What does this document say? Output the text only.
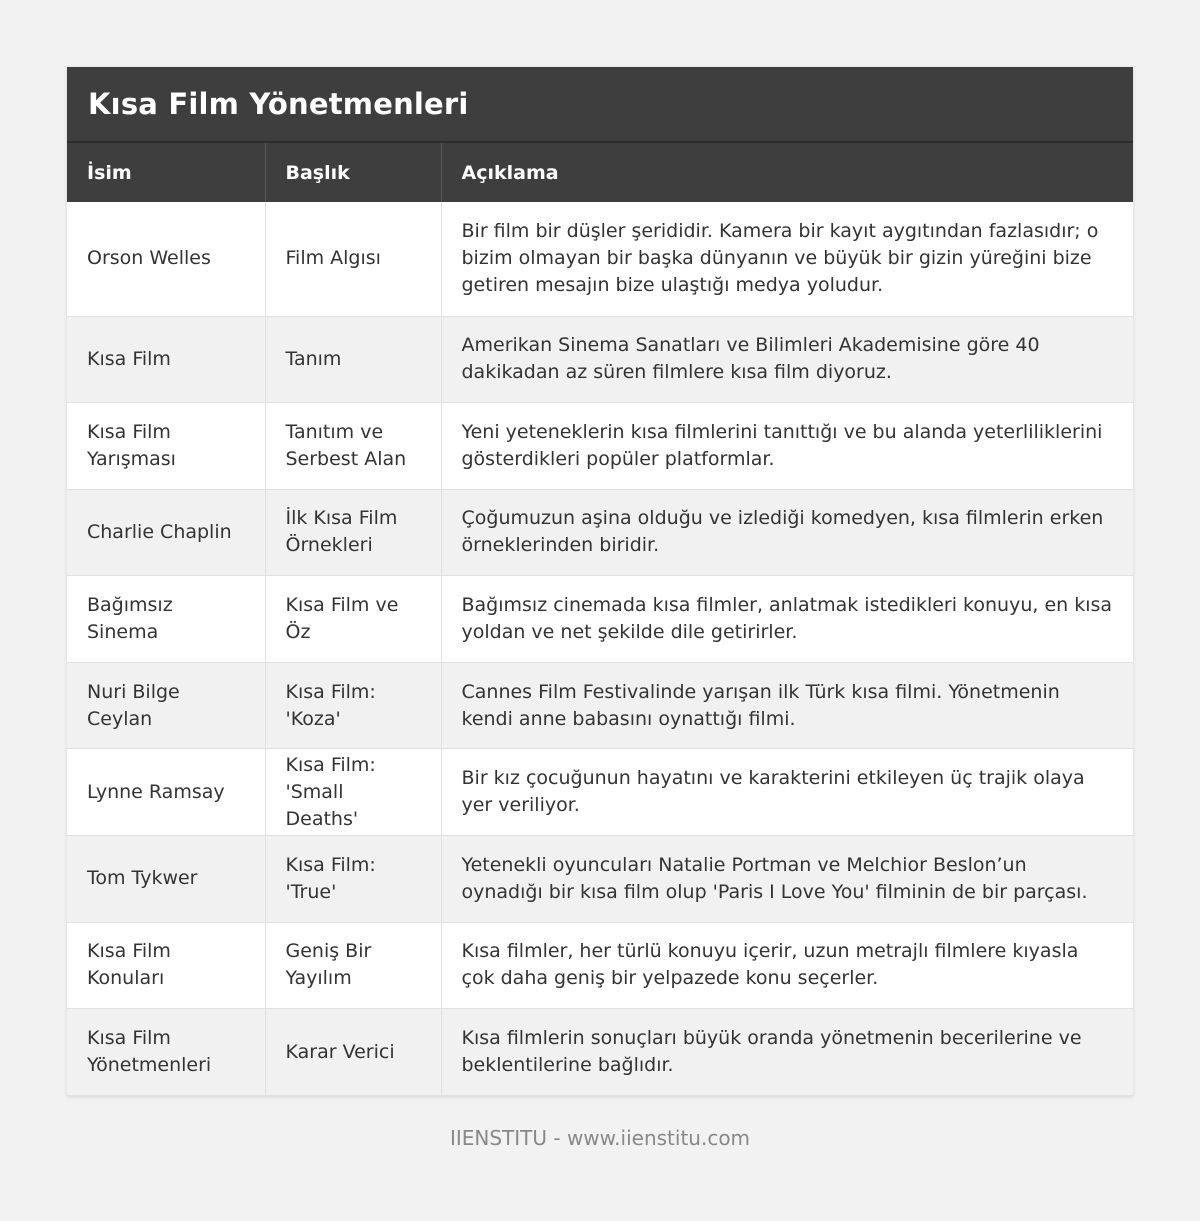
Kısa Film Yönetmenleri
İsim	Başlık	Açıklama
Orson Welles	Film Algısı	Bir film bir düşler şerididir. Kamera bir kayıt aygıtından fazlasıdır; o bizim olmayan bir başka dünyanın ve büyük bir gizin yüreğini bize getiren mesajın bize ulaştığı medya yoludur.
Kısa Film	Tanım	Amerikan Sinema Sanatları ve Bilimleri Akademisine göre 40 dakikadan az süren filmlere kısa film diyoruz.
Kısa Film Yarışması	Tanıtım ve Serbest Alan	Yeni yeteneklerin kısa filmlerini tanıttığı ve bu alanda yeterliliklerini gösterdikleri popüler platformlar.
Charlie Chaplin	İlk Kısa Film Örnekleri	Çoğumuzun aşina olduğu ve izlediği komedyen, kısa filmlerin erken örneklerinden biridir.
Bağımsız Sinema	Kısa Film ve Öz	Bağımsız cinemada kısa filmler, anlatmak istedikleri konuyu, en kısa yoldan ve net şekilde dile getirirler.
Nuri Bilge Ceylan	Kısa Film: 'Koza'	Cannes Film Festivalinde yarışan ilk Türk kısa filmi. Yönetmenin kendi anne babasını oynattığı filmi.
Lynne Ramsay	Kısa Film: 'Small Deaths'	Bir kız çocuğunun hayatını ve karakterini etkileyen üç trajik olaya yer veriliyor.
Tom Tykwer	Kısa Film: 'True'	Yetenekli oyuncuları Natalie Portman ve Melchior Beslon’un oynadığı bir kısa film olup 'Paris I Love You' filminin de bir parçası.
Kısa Film Konuları	Geniş Bir Yayılım	Kısa filmler, her türlü konuyu içerir, uzun metrajlı filmlere kıyasla çok daha geniş bir yelpazede konu seçerler.
Kısa Film Yönetmenleri	Karar Verici	Kısa filmlerin sonuçları büyük oranda yönetmenin becerilerine ve beklentilerine bağlıdır.
IIENSTITU - www.iienstitu.com
